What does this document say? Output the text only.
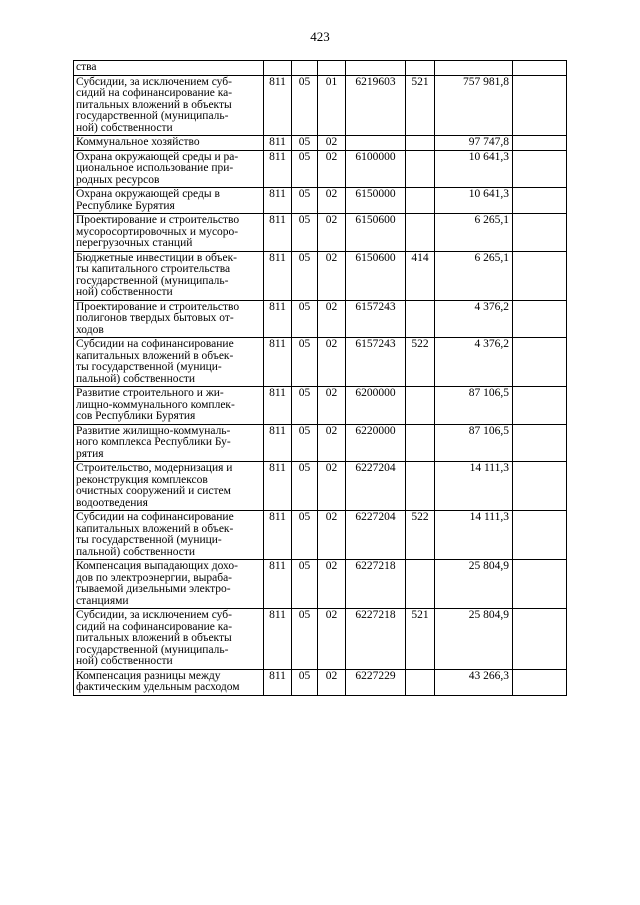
423
ства							

Субсидии, за исключением суб-
сидий на софинансирование ка-
питальных вложений в объекты
государственной (муниципаль-
ной) собственности	811	05	01	6219603	521	757 981,8	

Коммунальное хозяйство	811	05	02			97 747,8	

Охрана окружающей среды и ра-
циональное использование при-
родных ресурсов	811	05	02	6100000		10 641,3	

Охрана окружающей среды в
Республике Бурятия	811	05	02	6150000		10 641,3	

Проектирование и строительство
мусоросортировочных и мусоро-
перегрузочных станций	811	05	02	6150600		6 265,1	

Бюджетные инвестиции в объек-
ты капитального строительства
государственной (муниципаль-
ной) собственности	811	05	02	6150600	414	6 265,1	

Проектирование и строительство
полигонов твердых бытовых от-
ходов	811	05	02	6157243		4 376,2	

Субсидии на софинансирование
капитальных вложений в объек-
ты государственной (муници-
пальной) собственности	811	05	02	6157243	522	4 376,2	

Развитие строительного и жи-
лищно-коммунального комплек-
сов Республики Бурятия	811	05	02	6200000		87 106,5	

Развитие жилищно-коммуналь-
ного комплекса Республики Бу-
рятия	811	05	02	6220000		87 106,5	

Строительство, модернизация и
реконструкция комплексов
очистных сооружений и систем
водоотведения	811	05	02	6227204		14 111,3	

Субсидии на софинансирование
капитальных вложений в объек-
ты государственной (муници-
пальной) собственности	811	05	02	6227204	522	14 111,3	

Компенсация выпадающих дохо-
дов по электроэнергии, выраба-
тываемой дизельными электро-
станциями	811	05	02	6227218		25 804,9	

Субсидии, за исключением суб-
сидий на софинансирование ка-
питальных вложений в объекты
государственной (муниципаль-
ной) собственности	811	05	02	6227218	521	25 804,9	

Компенсация разницы между
фактическим удельным расходом	811	05	02	6227229		43 266,3	
